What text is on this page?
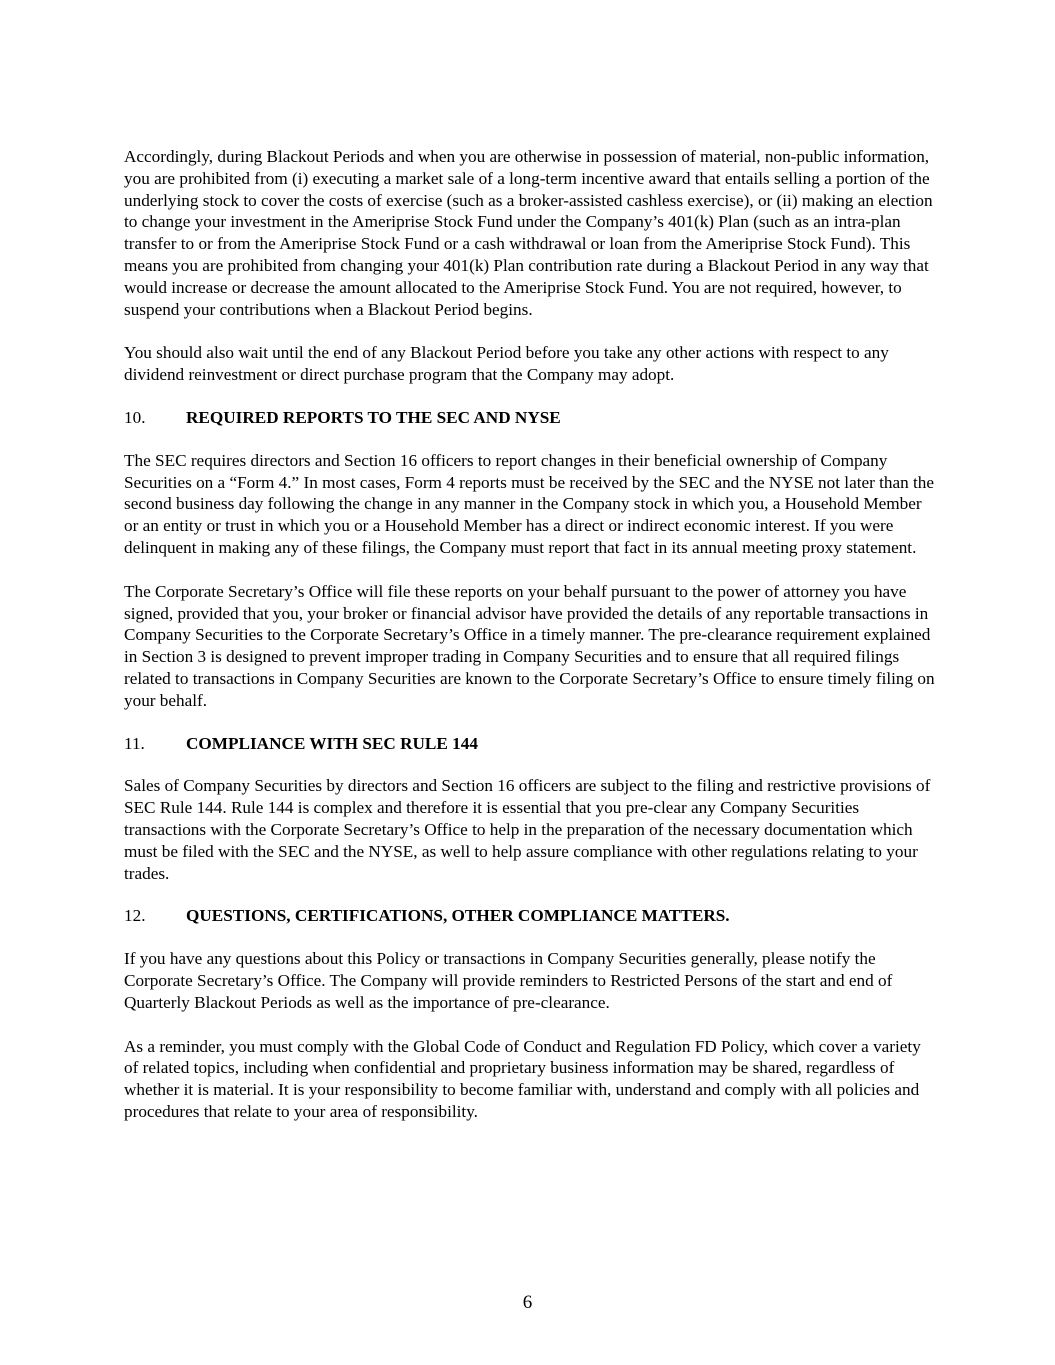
Accordingly, during Blackout Periods and when you are otherwise in possession of material, non-public information, you are prohibited from (i) executing a market sale of a long-term incentive award that entails selling a portion of the underlying stock to cover the costs of exercise (such as a broker-assisted cashless exercise), or (ii) making an election to change your investment in the Ameriprise Stock Fund under the Company’s 401(k) Plan (such as an intra-plan transfer to or from the Ameriprise Stock Fund or a cash withdrawal or loan from the Ameriprise Stock Fund). This means you are prohibited from changing your 401(k) Plan contribution rate during a Blackout Period in any way that would increase or decrease the amount allocated to the Ameriprise Stock Fund. You are not required, however, to suspend your contributions when a Blackout Period begins.

You should also wait until the end of any Blackout Period before you take any other actions with respect to any dividend reinvestment or direct purchase program that the Company may adopt.

10.	REQUIRED REPORTS TO THE SEC AND NYSE

The SEC requires directors and Section 16 officers to report changes in their beneficial ownership of Company Securities on a “Form 4.” In most cases, Form 4 reports must be received by the SEC and the NYSE not later than the second business day following the change in any manner in the Company stock in which you, a Household Member or an entity or trust in which you or a Household Member has a direct or indirect economic interest. If you were delinquent in making any of these filings, the Company must report that fact in its annual meeting proxy statement.

The Corporate Secretary’s Office will file these reports on your behalf pursuant to the power of attorney you have signed, provided that you, your broker or financial advisor have provided the details of any reportable transactions in Company Securities to the Corporate Secretary’s Office in a timely manner. The pre-clearance requirement explained in Section 3 is designed to prevent improper trading in Company Securities and to ensure that all required filings related to transactions in Company Securities are known to the Corporate Secretary’s Office to ensure timely filing on your behalf.

11.	COMPLIANCE WITH SEC RULE 144

Sales of Company Securities by directors and Section 16 officers are subject to the filing and restrictive provisions of SEC Rule 144. Rule 144 is complex and therefore it is essential that you pre-clear any Company Securities transactions with the Corporate Secretary’s Office to help in the preparation of the necessary documentation which must be filed with the SEC and the NYSE, as well to help assure compliance with other regulations relating to your trades.

12.	QUESTIONS, CERTIFICATIONS, OTHER COMPLIANCE MATTERS.

If you have any questions about this Policy or transactions in Company Securities generally, please notify the Corporate Secretary’s Office. The Company will provide reminders to Restricted Persons of the start and end of Quarterly Blackout Periods as well as the importance of pre-clearance.

As a reminder, you must comply with the Global Code of Conduct and Regulation FD Policy, which cover a variety of related topics, including when confidential and proprietary business information may be shared, regardless of whether it is material. It is your responsibility to become familiar with, understand and comply with all policies and procedures that relate to your area of responsibility.

6
